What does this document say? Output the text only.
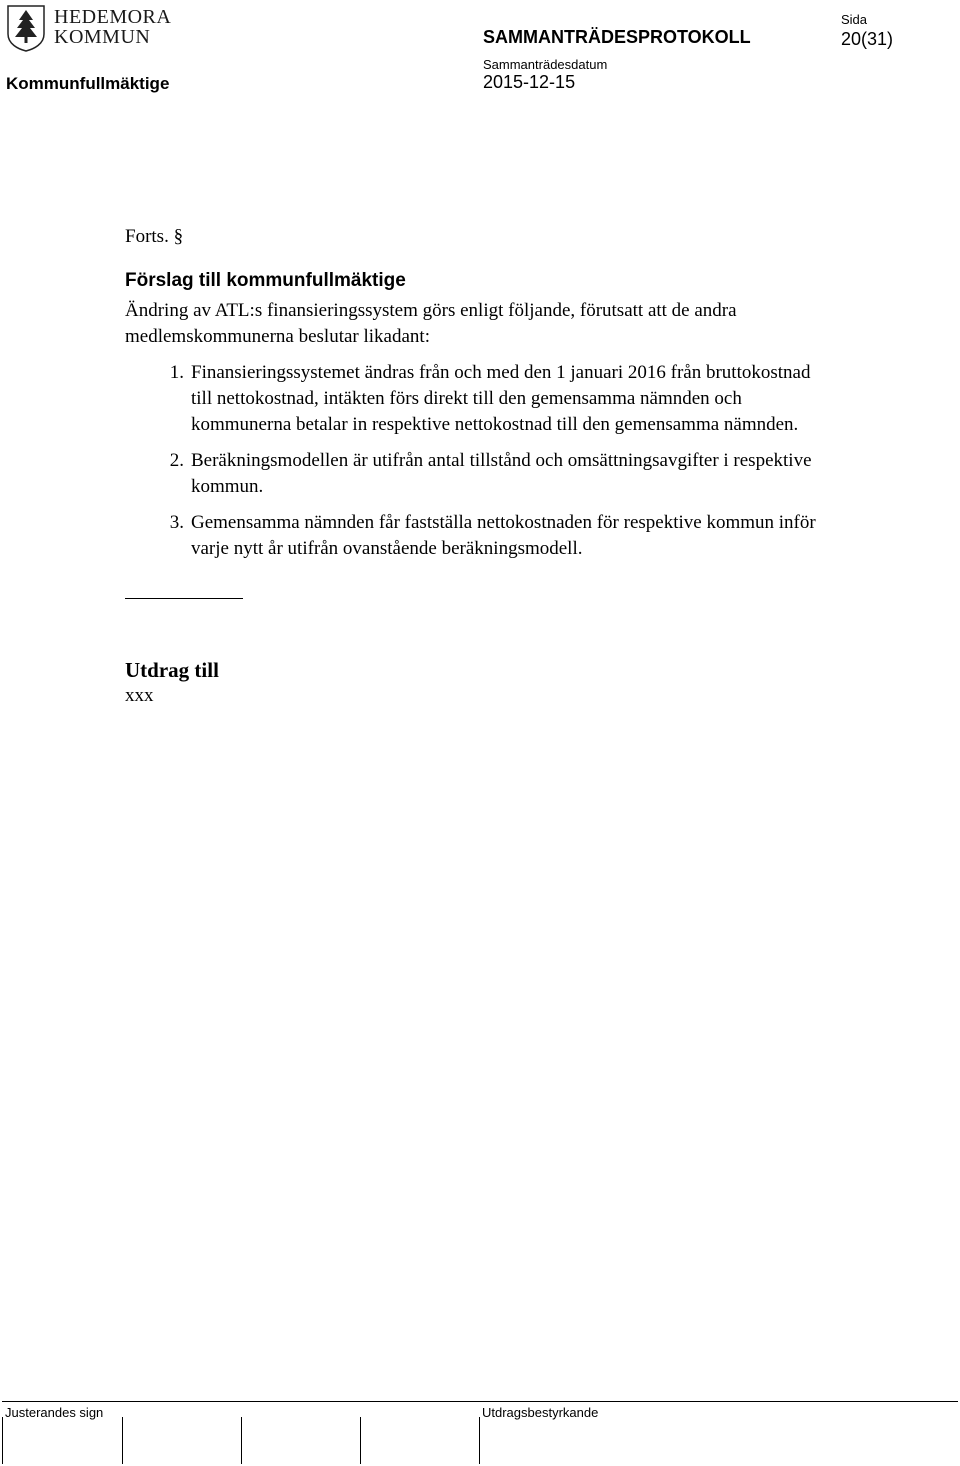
HEDEMORA
KOMMUN	SAMMANTRÄDESPROTOKOLL
Sida
20(31)
Kommunfullmäktige
Sammanträdesdatum
2015-12-15

Forts. §

Förslag till kommunfullmäktige

Ändring av ATL:s finansieringssystem görs enligt följande, förutsatt att de andra medlemskommunerna beslutar likadant:

1. Finansieringssystemet ändras från och med den 1 januari 2016 från bruttokostnad till nettokostnad, intäkten förs direkt till den gemensamma nämnden och kommunerna betalar in respektive nettokostnad till den gemensamma nämnden.
2. Beräkningsmodellen är utifrån antal tillstånd och omsättningsavgifter i respektive kommun.
3. Gemensamma nämnden får fastställa nettokostnaden för respektive kommun inför varje nytt år utifrån ovanstående beräkningsmodell.
Utdrag till

xxx

Justerandes sign	Utdragsbestyrkande
